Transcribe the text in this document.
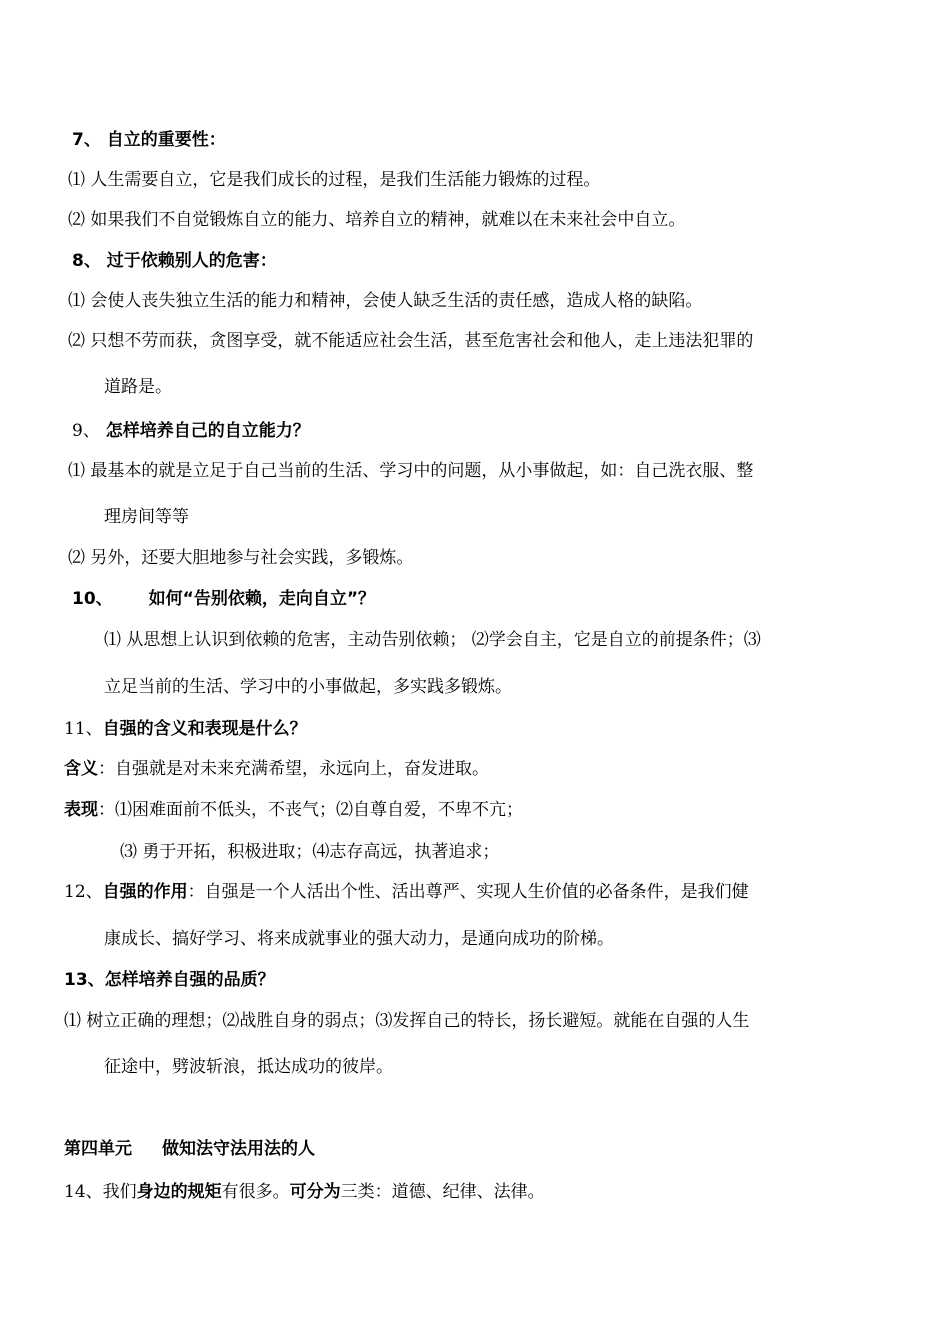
7、 自立的重要性：
⑴ 人生需要自立，它是我们成长的过程，是我们生活能力锻炼的过程。
⑵ 如果我们不自觉锻炼自立的能力、培养自立的精神，就难以在未来社会中自立。
8、 过于依赖别人的危害：
⑴ 会使人丧失独立生活的能力和精神，会使人缺乏生活的责任感，造成人格的缺陷。
⑵ 只想不劳而获，贪图享受，就不能适应社会生活，甚至危害社会和他人，走上违法犯罪的
道路是。
9、 怎样培养自己的自立能力？
⑴ 最基本的就是立足于自己当前的生活、学习中的问题，从小事做起，如：自己洗衣服、整
理房间等等
⑵ 另外，还要大胆地参与社会实践，多锻炼。
10、 如何“告别依赖，走向自立”？
⑴ 从思想上认识到依赖的危害，主动告别依赖； ⑵学会自主，它是自立的前提条件；⑶
立足当前的生活、学习中的小事做起，多实践多锻炼。
11、自强的含义和表现是什么？
含义：自强就是对未来充满希望，永远向上，奋发进取。
表现：⑴困难面前不低头，不丧气；⑵自尊自爱，不卑不亢；
⑶ 勇于开拓，积极进取；⑷志存高远，执著追求；
12、自强的作用：自强是一个人活出个性、活出尊严、实现人生价值的必备条件，是我们健
康成长、搞好学习、将来成就事业的强大动力，是通向成功的阶梯。
13、怎样培养自强的品质？
⑴ 树立正确的理想；⑵战胜自身的弱点；⑶发挥自己的特长，扬长避短。就能在自强的人生
征途中，劈波斩浪，抵达成功的彼岸。
第四单元 做知法守法用法的人
14、我们身边的规矩有很多。可分为三类：道德、纪律、法律。
